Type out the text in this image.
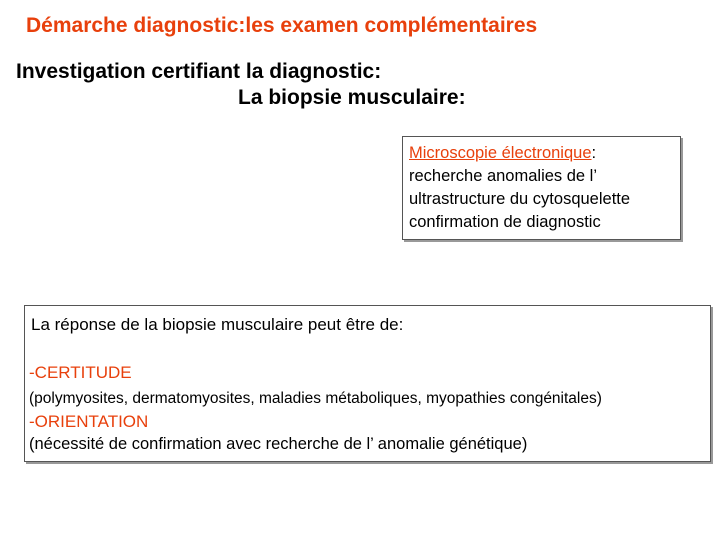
Démarche diagnostic:les examen complémentaires
Investigation certifiant la diagnostic:
La biopsie musculaire:
Microscopie électronique:
recherche anomalies de l’
ultrastructure du cytosquelette
confirmation de diagnostic
La réponse de la biopsie musculaire peut être de:
-CERTITUDE
(polymyosites, dermatomyosites, maladies métaboliques, myopathies congénitales)
-ORIENTATION
(nécessité de confirmation avec recherche de l’ anomalie génétique)
